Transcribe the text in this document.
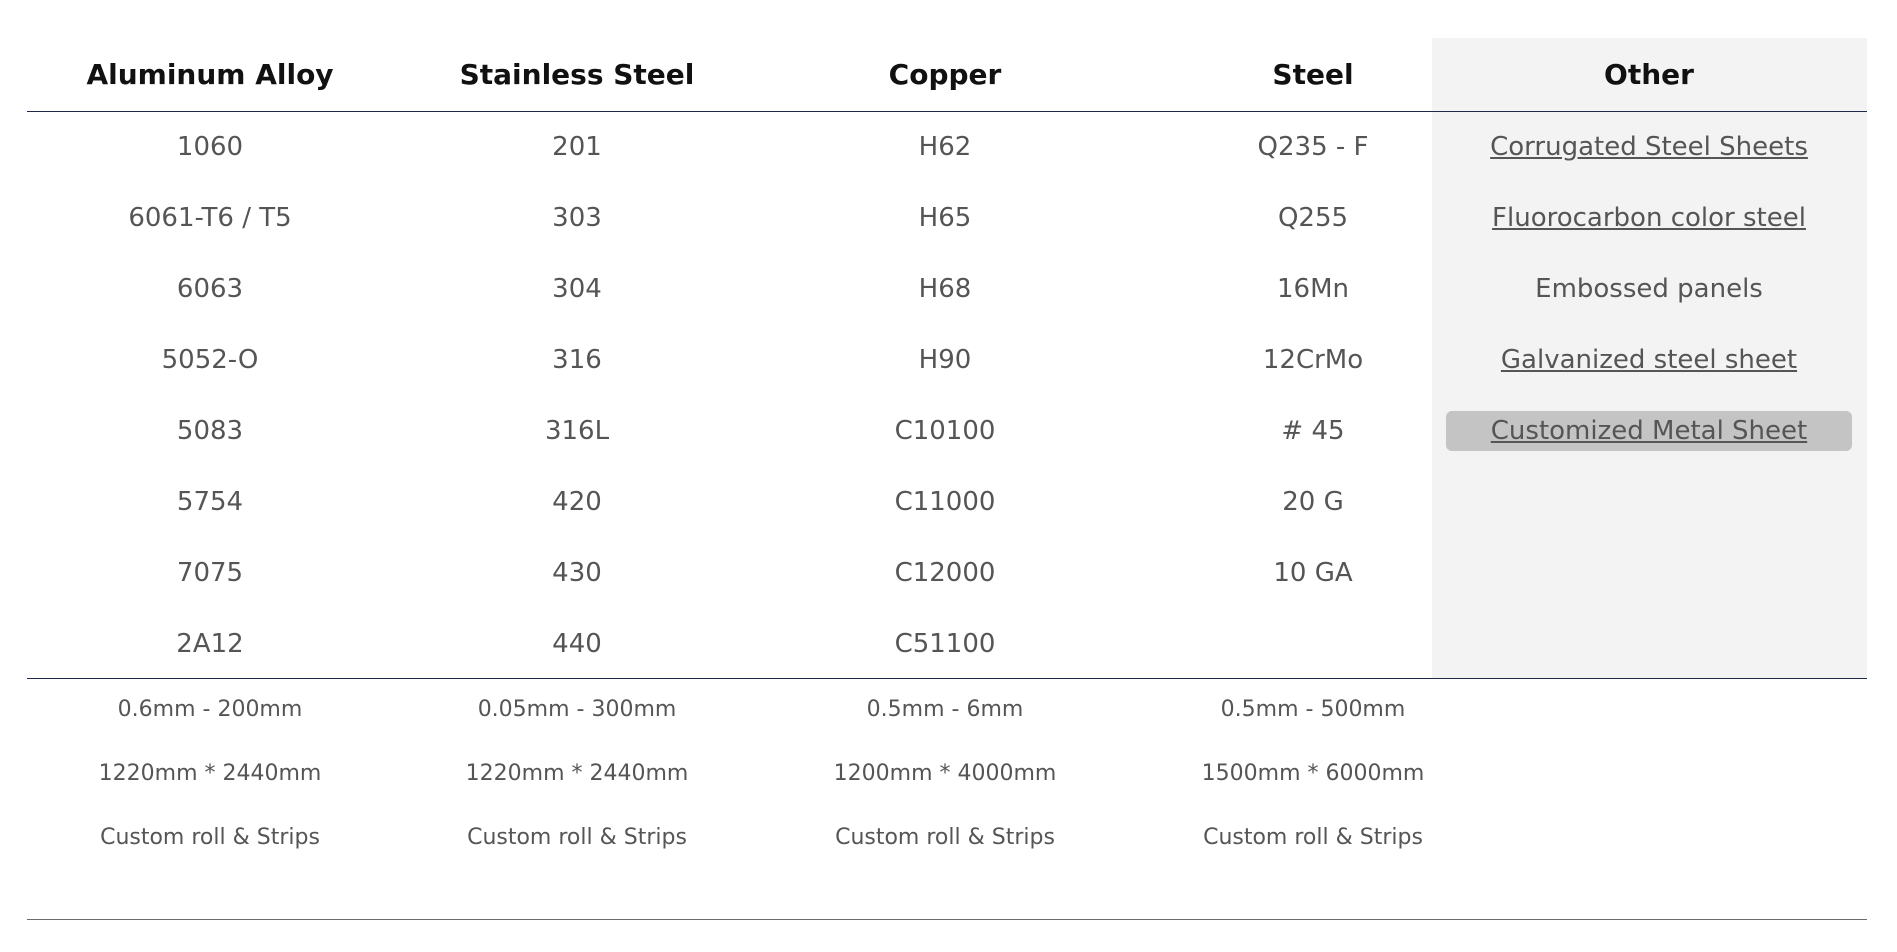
Aluminum Alloy
1060
6061-T6 / T5
6063
5052-O
5083
5754
7075
2A12
0.6mm - 200mm
1220mm * 2440mm
Custom roll & Strips
Stainless Steel
201
303
304
316
316L
420
430
440
0.05mm - 300mm
1220mm * 2440mm
Custom roll & Strips
Copper
H62
H65
H68
H90
C10100
C11000
C12000
C51100
0.5mm - 6mm
1200mm * 4000mm
Custom roll & Strips
Steel
Q235 - F
Q255
16Mn
12CrMo
# 45
20 G
10 GA
0.5mm - 500mm
1500mm * 6000mm
Custom roll & Strips
Other
Corrugated Steel Sheets
Fluorocarbon color steel
Embossed panels
Galvanized steel sheet
Customized Metal Sheet
